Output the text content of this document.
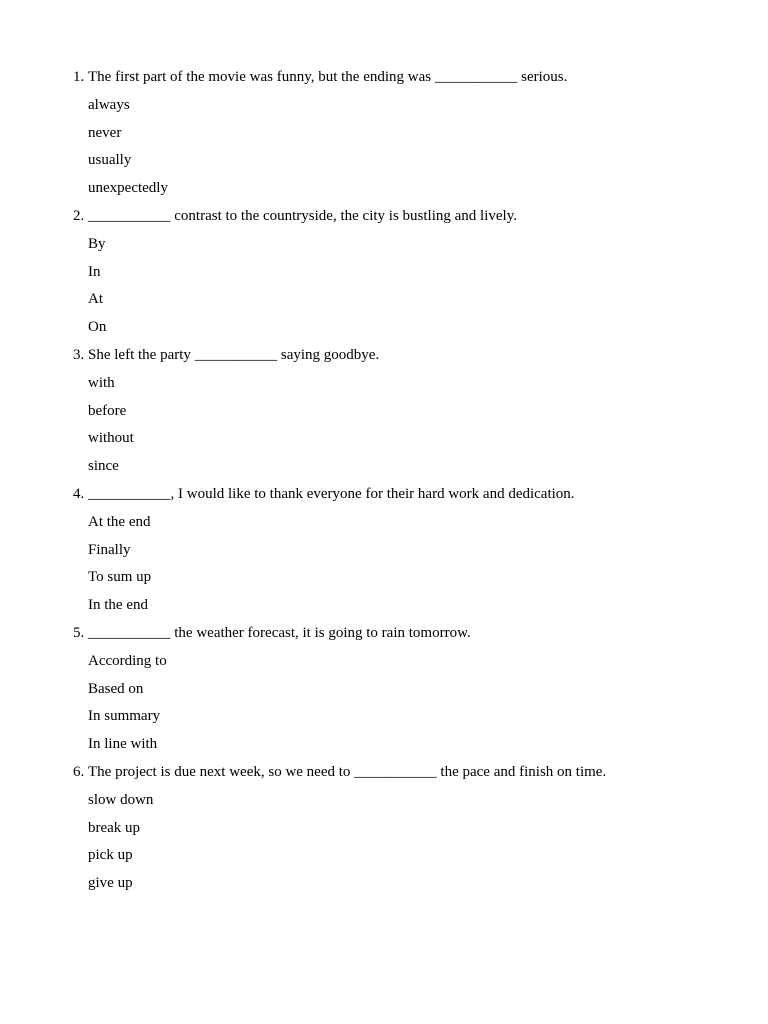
1. The first part of the movie was funny, but the ending was ___________ serious.
always
never
usually
unexpectedly
2. ___________ contrast to the countryside, the city is bustling and lively.
By
In
At
On
3. She left the party ___________ saying goodbye.
with
before
without
since
4. ___________, I would like to thank everyone for their hard work and dedication.
At the end
Finally
To sum up
In the end
5. ___________ the weather forecast, it is going to rain tomorrow.
According to
Based on
In summary
In line with
6. The project is due next week, so we need to ___________ the pace and finish on time.
slow down
break up
pick up
give up
